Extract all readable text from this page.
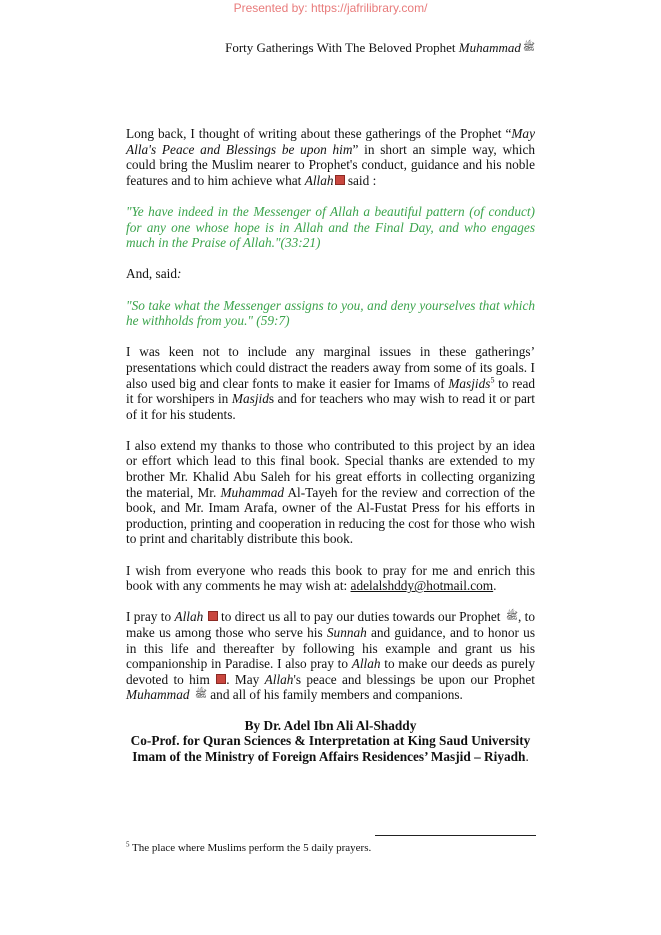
Presented by: https://jafrilibrary.com/
Forty Gatherings With The Beloved Prophet Muhammad ﷺ

Long back, I thought of writing about these gatherings of the Prophet “May Alla's Peace and Blessings be upon him” in short an simple way, which could bring the Muslim nearer to Prophet's conduct, guidance and his noble features and to him achieve what Allah said :

"Ye have indeed in the Messenger of Allah a beautiful pattern (of conduct) for any one whose hope is in Allah and the Final Day, and who engages much in the Praise of Allah."(33:21)

And, said:

"So take what the Messenger assigns to you, and deny yourselves that which he withholds from you." (59:7)

I was keen not to include any marginal issues in these gatherings’ presentations which could distract the readers away from some of its goals. I also used big and clear fonts to make it easier for Imams of Masjids$^5$ to read it for worshipers in Masjids and for teachers who may wish to read it or part of it for his students.

I also extend my thanks to those who contributed to this project by an idea or effort which lead to this final book. Special thanks are extended to my brother Mr. Khalid Abu Saleh for his great efforts in collecting organizing the material, Mr. Muhammad Al-Tayeh for the review and correction of the book, and Mr. Imam Arafa, owner of the Al-Fustat Press for his efforts in production, printing and cooperation in reducing the cost for those who wish to print and charitably distribute this book.

I wish from everyone who reads this book to pray for me and enrich this book with any comments he may wish at: adelalshddy@hotmail.com.

I pray to Allah  to direct us all to pay our duties towards our Prophet ﷺ, to make us among those who serve his Sunnah and guidance, and to honor us in this life and thereafter by following his example and grant us his companionship in Paradise. I also pray to Allah to make our deeds as purely devoted to him . May Allah's peace and blessings be upon our Prophet Muhammad ﷺ and all of his family members and companions.

By Dr. Adel Ibn Ali Al-Shaddy
Co-Prof. for Quran Sciences & Interpretation at King Saud University
Imam of the Ministry of Foreign Affairs Residences’ Masjid – Riyadh.
$^5$ The place where Muslims perform the 5 daily prayers.
